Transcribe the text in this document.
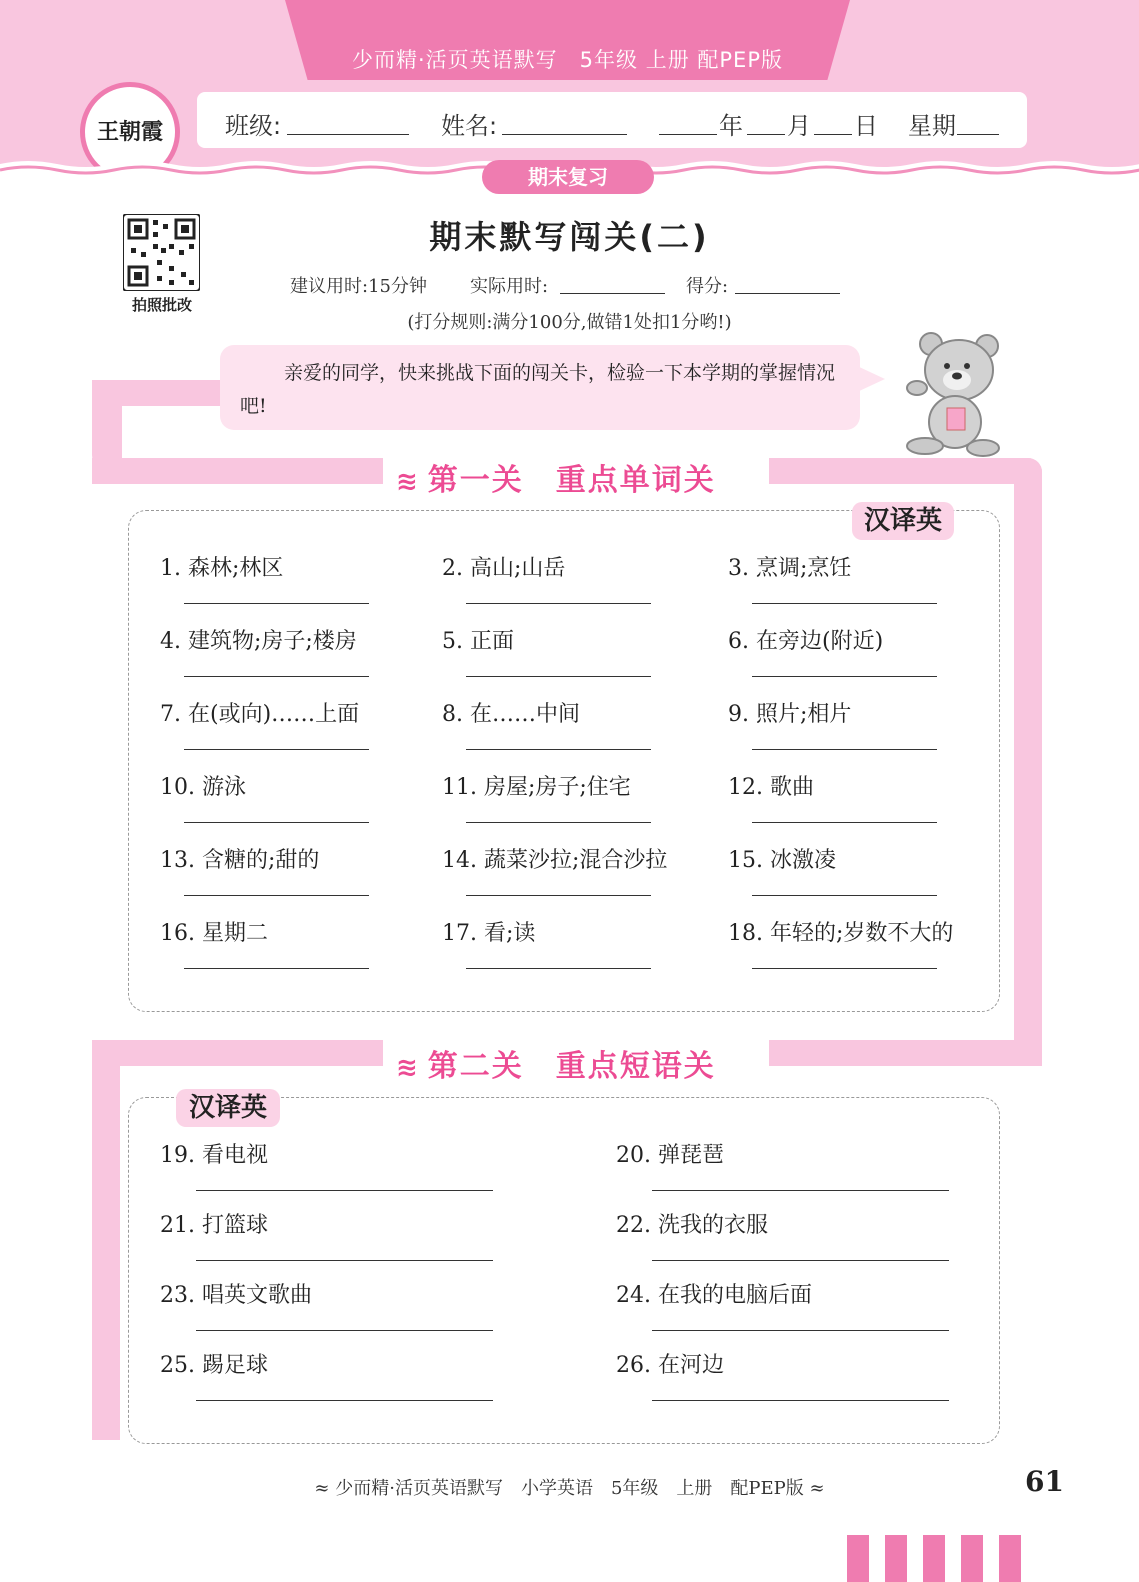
少而精·活页英语默写　5年级 上册 配PEP版
王朝霞	班级:	姓名:	年 月 日 星期
期末复习
拍照批改
期末默写闯关(二)
建议用时:15分钟 实际用时:	得分:
(打分规则:满分100分,做错1处扣1分哟!)
亲爱的同学，快来挑战下面的闯关卡，检验一下本学期的掌握情况吧!
≋ 第一关　重点单词关
汉译英
1. 森林;林区	2. 高山;山岳	3. 烹调;烹饪
4. 建筑物;房子;楼房	5. 正面	6. 在旁边(附近)
7. 在(或向)……上面	8. 在……中间	9. 照片;相片
10. 游泳	11. 房屋;房子;住宅	12. 歌曲
13. 含糖的;甜的	14. 蔬菜沙拉;混合沙拉	15. 冰激凌
16. 星期二	17. 看;读	18. 年轻的;岁数不大的
≋ 第二关　重点短语关
汉译英
19. 看电视	20. 弹琵琶
21. 打篮球	22. 洗我的衣服
23. 唱英文歌曲	24. 在我的电脑后面
25. 踢足球	26. 在河边
≈ 少而精·活页英语默写　小学英语　5年级　上册　配PEP版 ≈	61
